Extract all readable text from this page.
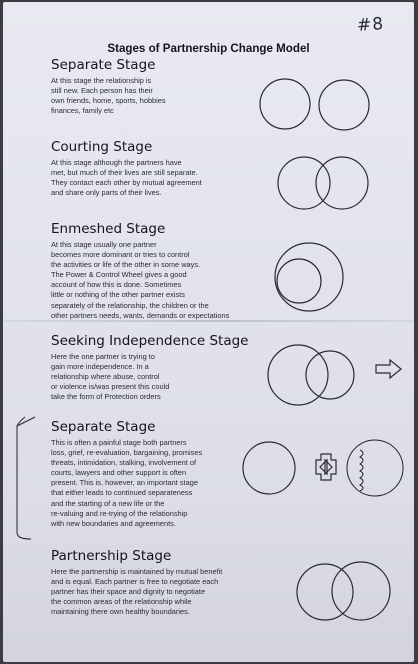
#8
Stages of Partnership Change Model
Separate Stage
At this stage the relationship is
still new. Each person has their
own friends, home, sports, hobbies
finances, family etc
Courting Stage
At this stage although the partners have
met, but much of their lives are still separate.
They contact each other by mutual agreement
and share only parts of their lives.
Enmeshed Stage
At this stage usually one partner
becomes more dominant or tries to control
the activities or life of the other in some ways.
The Power & Control Wheel gives a good
account of how this is done. Sometimes
little or nothing of the other partner exists
separately of the relationship, the children or the
other partners needs, wants, demands or expectations
Seeking Independence Stage
Here the one partner is trying to
gain more independence. In a
relationship where abuse, control
or violence is/was present this could
take the form of Protection orders
Separate Stage
This is often a painful stage both partners
loss, grief, re-evaluation, bargaining, promises
threats, intimidation, stalking, involvement of
courts, lawyers and other support is often
present. This is, however, an important stage
that either leads to continued separateness
and the starting of a new life or the
re-valuing and re-trying of the relationship
with new boundaries and agreements.
Partnership Stage
Here the partnership is maintained by mutual benefit
and is equal. Each partner is free to negotiate each
partner has their space and dignity to negotiate
the common areas of the relationship while
maintaining there own healthy boundaries.
